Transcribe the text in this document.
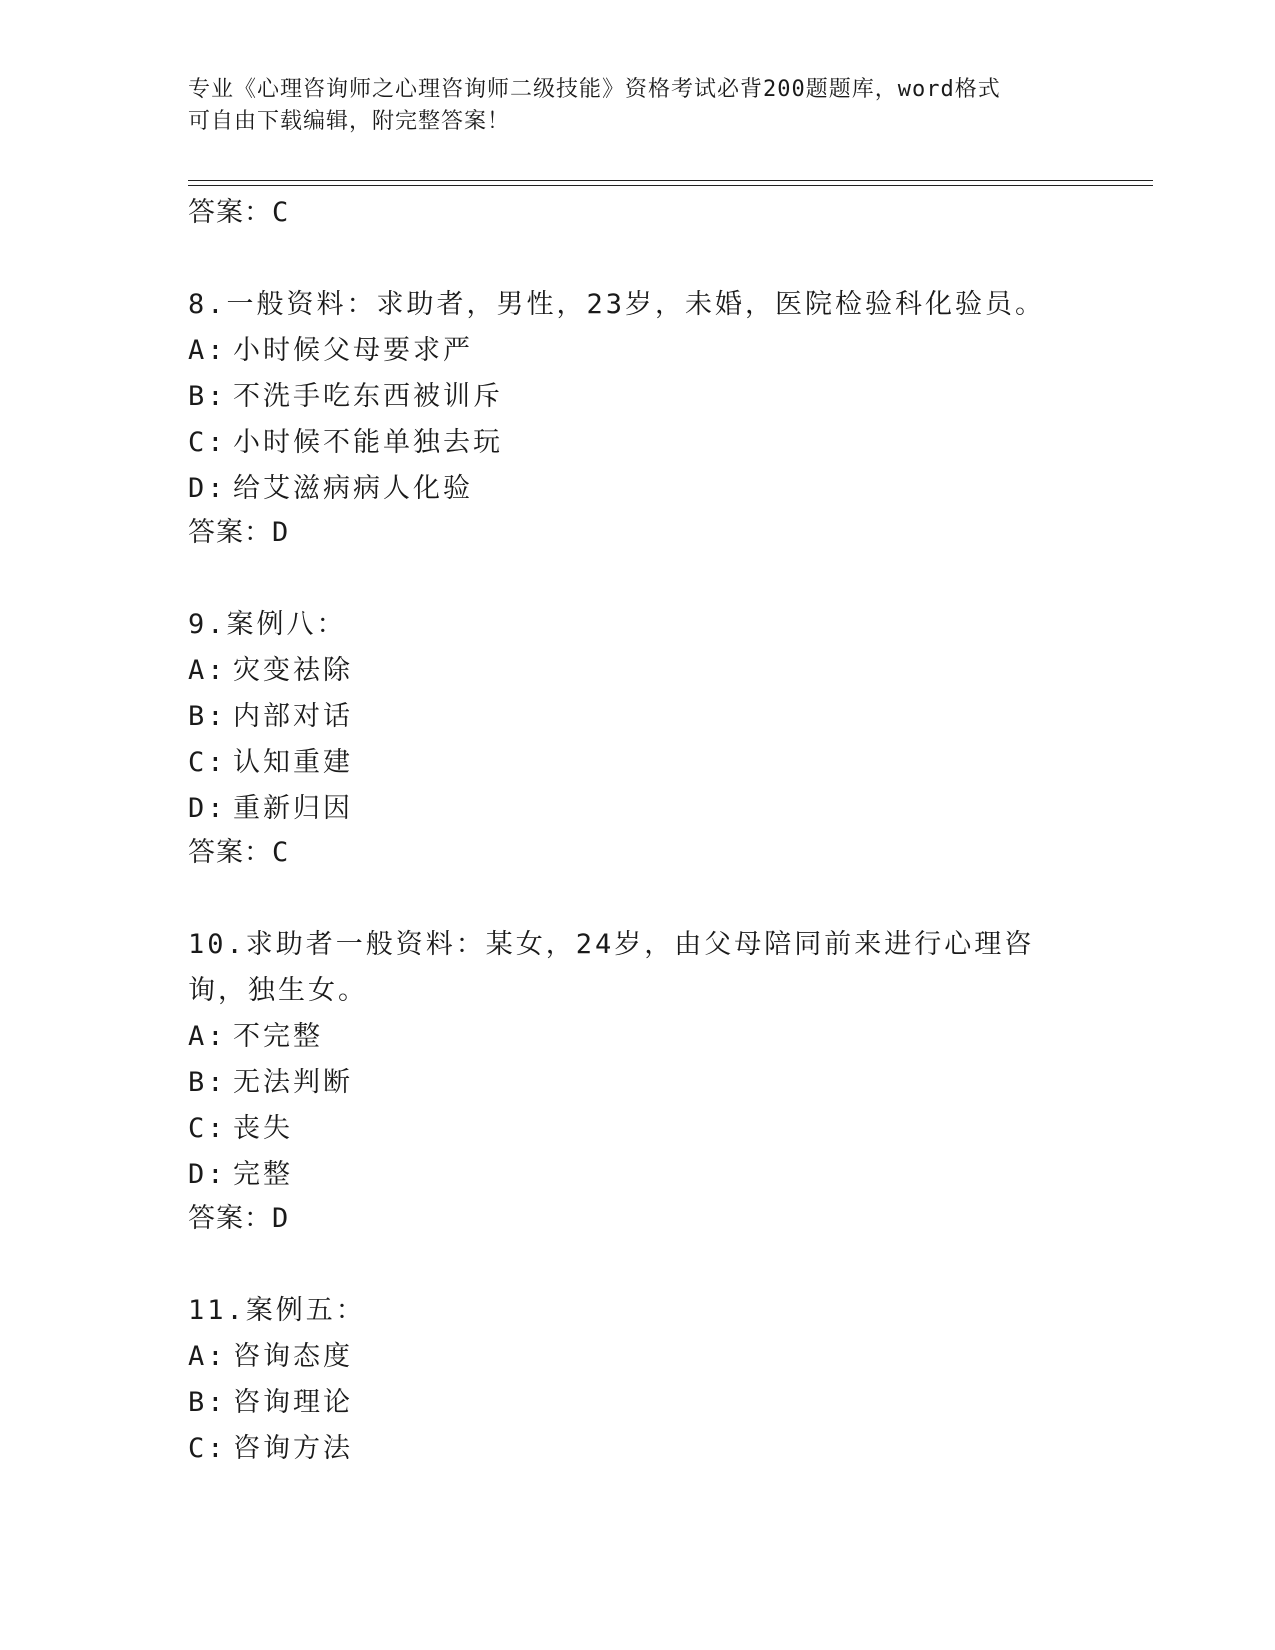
专业《心理咨询师之心理咨询师二级技能》资格考试必背200题题库，word格式
可自由下载编辑，附完整答案！
答案：C
8.一般资料：求助者，男性，23岁，未婚，医院检验科化验员。
A: 小时候父母要求严
B: 不洗手吃东西被训斥
C: 小时候不能单独去玩
D: 给艾滋病病人化验
答案：D
9.案例八：
A: 灾变祛除
B: 内部对话
C: 认知重建
D: 重新归因
答案：C
10.求助者一般资料：某女，24岁，由父母陪同前来进行心理咨询，独生女。
A: 不完整
B: 无法判断
C: 丧失
D: 完整
答案：D
11.案例五：
A: 咨询态度
B: 咨询理论
C: 咨询方法
